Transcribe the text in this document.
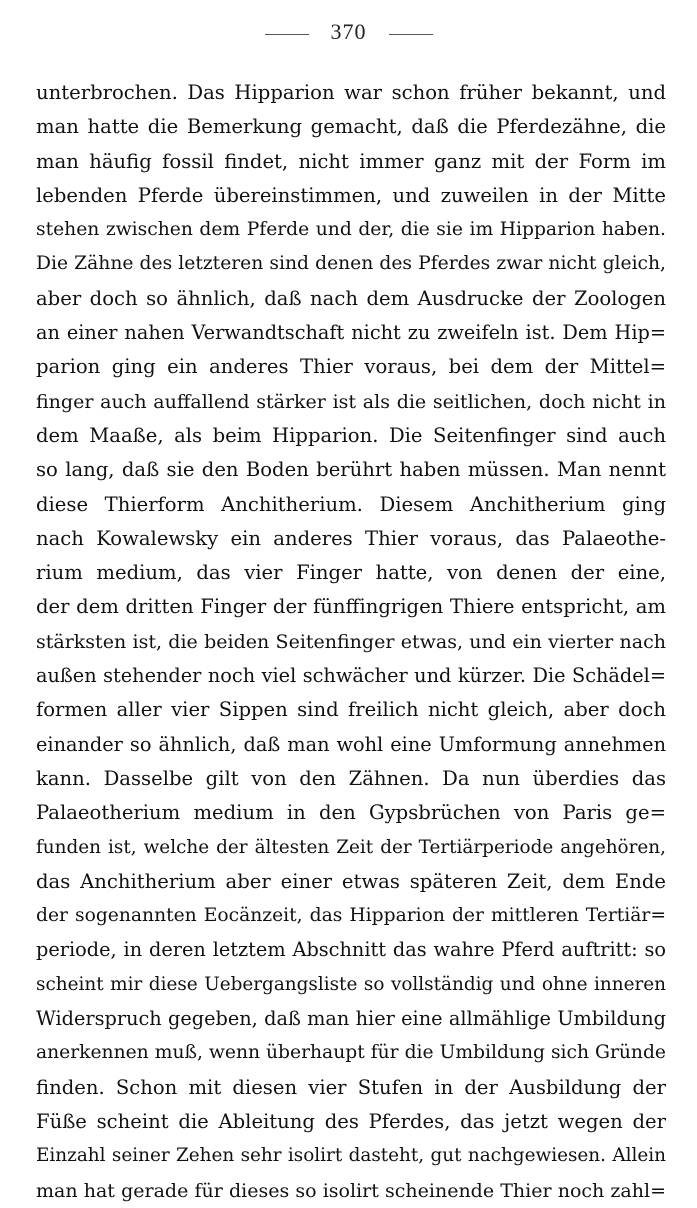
370
unterbrochen. Das Hipparion war schon früher bekannt, und
man hatte die Bemerkung gemacht, daß die Pferdezähne, die
man häufig fossil findet, nicht immer ganz mit der Form im
lebenden Pferde übereinstimmen, und zuweilen in der Mitte
stehen zwischen dem Pferde und der, die sie im Hipparion haben.
Die Zähne des letzteren sind denen des Pferdes zwar nicht gleich,
aber doch so ähnlich, daß nach dem Ausdrucke der Zoologen
an einer nahen Verwandtschaft nicht zu zweifeln ist. Dem Hip=
parion ging ein anderes Thier voraus, bei dem der Mittel=
finger auch auffallend stärker ist als die seitlichen, doch nicht in
dem Maaße, als beim Hipparion. Die Seitenfinger sind auch
so lang, daß sie den Boden berührt haben müssen. Man nennt
diese Thierform Anchitherium. Diesem Anchitherium ging
nach Kowalewsky ein anderes Thier voraus, das Palaeothe-
rium medium, das vier Finger hatte, von denen der eine,
der dem dritten Finger der fünffingrigen Thiere entspricht, am
stärksten ist, die beiden Seitenfinger etwas, und ein vierter nach
außen stehender noch viel schwächer und kürzer. Die Schädel=
formen aller vier Sippen sind freilich nicht gleich, aber doch
einander so ähnlich, daß man wohl eine Umformung annehmen
kann. Dasselbe gilt von den Zähnen. Da nun überdies das
Palaeotherium medium in den Gypsbrüchen von Paris ge=
funden ist, welche der ältesten Zeit der Tertiärperiode angehören,
das Anchitherium aber einer etwas späteren Zeit, dem Ende
der sogenannten Eocänzeit, das Hipparion der mittleren Tertiär=
periode, in deren letztem Abschnitt das wahre Pferd auftritt: so
scheint mir diese Uebergangsliste so vollständig und ohne inneren
Widerspruch gegeben, daß man hier eine allmählige Umbildung
anerkennen muß, wenn überhaupt für die Umbildung sich Gründe
finden. Schon mit diesen vier Stufen in der Ausbildung der
Füße scheint die Ableitung des Pferdes, das jetzt wegen der
Einzahl seiner Zehen sehr isolirt dasteht, gut nachgewiesen. Allein
man hat gerade für dieses so isolirt scheinende Thier noch zahl=
